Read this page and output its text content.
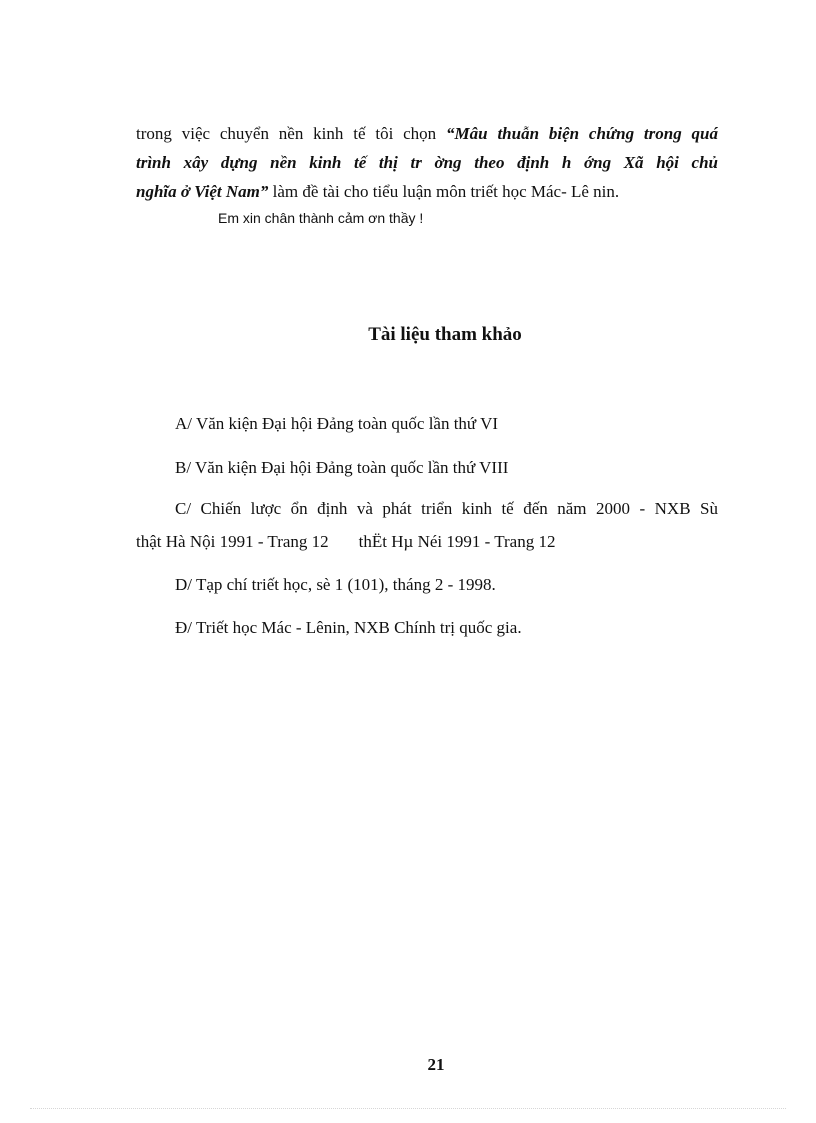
trong việc chuyển nền kinh tế tôi chọn “Mâu thuẫn biện chứng trong quá
trình xây dựng nền kinh tế thị tr ờng theo định h ớng Xã hội chủ
nghĩa ở Việt Nam” làm đề tài cho tiểu luận môn triết học Mác- Lê nin.
Em xin chân thành cảm ơn thầy !
Tài liệu tham khảo
A/ Văn kiện Đại hội Đảng toàn quốc lần thứ VI
B/ Văn kiện Đại hội Đảng toàn quốc lần thứ VIII
C/ Chiến lược ổn định và phát triển kinh tế đến năm 2000 - NXB Sù
thật Hà Nội 1991 - Trang 12 thËt Hµ Néi 1991 - Trang 12
D/ Tạp chí triết học, sè 1 (101), tháng 2 - 1998.
Đ/ Triết học Mác - Lênin, NXB Chính trị quốc gia.
21
